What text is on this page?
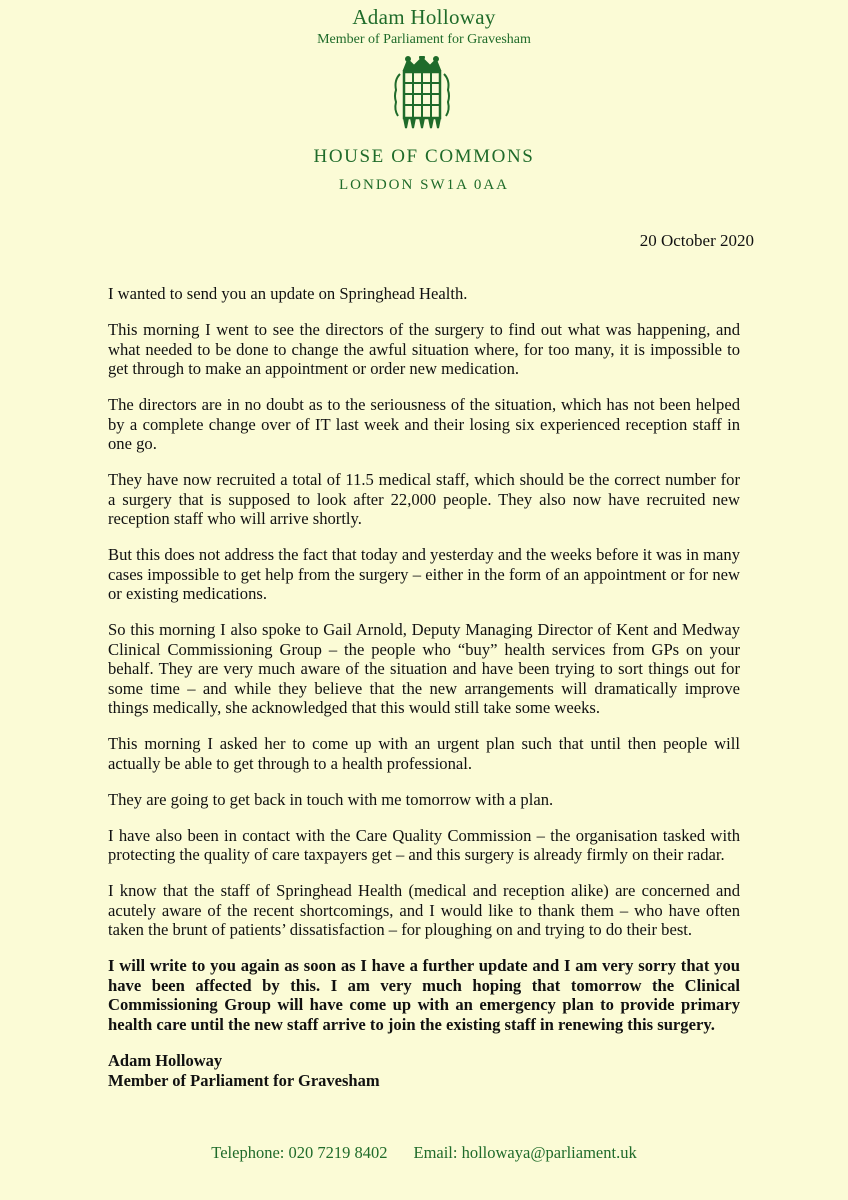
Adam Holloway
Member of Parliament for Gravesham
HOUSE OF COMMONS
LONDON SW1A 0AA
20 October 2020

I wanted to send you an update on Springhead Health.

This morning I went to see the directors of the surgery to find out what was happening, and what needed to be done to change the awful situation where, for too many, it is impossible to get through to make an appointment or order new medication.

The directors are in no doubt as to the seriousness of the situation, which has not been helped by a complete change over of IT last week and their losing six experienced reception staff in one go.

They have now recruited a total of 11.5 medical staff, which should be the correct number for a surgery that is supposed to look after 22,000 people. They also now have recruited new reception staff who will arrive shortly.

But this does not address the fact that today and yesterday and the weeks before it was in many cases impossible to get help from the surgery – either in the form of an appointment or for new or existing medications.

So this morning I also spoke to Gail Arnold, Deputy Managing Director of Kent and Medway Clinical Commissioning Group – the people who “buy” health services from GPs on your behalf. They are very much aware of the situation and have been trying to sort things out for some time – and while they believe that the new arrangements will dramatically improve things medically, she acknowledged that this would still take some weeks.

This morning I asked her to come up with an urgent plan such that until then people will actually be able to get through to a health professional.

They are going to get back in touch with me tomorrow with a plan.

I have also been in contact with the Care Quality Commission – the organisation tasked with protecting the quality of care taxpayers get – and this surgery is already firmly on their radar.

I know that the staff of Springhead Health (medical and reception alike) are concerned and acutely aware of the recent shortcomings, and I would like to thank them – who have often taken the brunt of patients’ dissatisfaction – for ploughing on and trying to do their best.

I will write to you again as soon as I have a further update and I am very sorry that you have been affected by this. I am very much hoping that tomorrow the Clinical Commissioning Group will have come up with an emergency plan to provide primary health care until the new staff arrive to join the existing staff in renewing this surgery.

Adam Holloway
Member of Parliament for Gravesham
Telephone: 020 7219 8402 Email: hollowaya@parliament.uk
